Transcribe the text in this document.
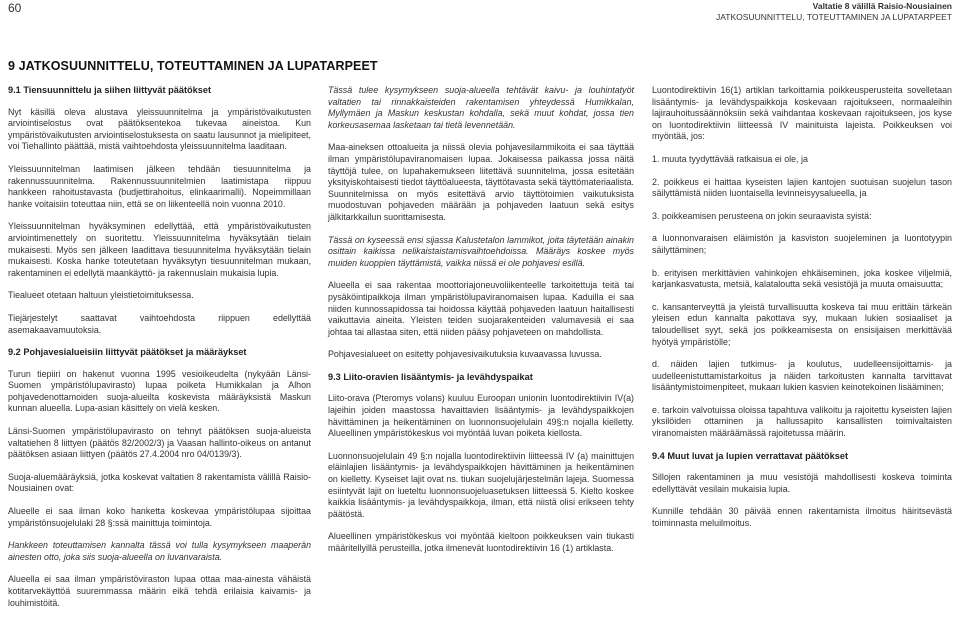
60	Valtatie 8 välillä Raisio-Nousiainen
JATKOSUUNNITTELU, TOTEUTTAMINEN JA LUPATARPEET
9 JATKOSUUNNITTELU, TOTEUTTAMINEN JA LUPATARPEET
9.1 Tiensuunnittelu ja siihen liittyvät päätökset

Nyt käsillä oleva alustava yleissuunnitelma ja ympäristövaikutusten arviointiselostus ovat päätöksentekoa tukevaa aineistoa. Kun ympäristövaikutusten arviointiselostuksesta on saatu lausunnot ja mielipiteet, voi Tiehallinto päättää, mistä vaihtoehdosta yleissuunnitelma laaditaan.

Yleissuunnitelman laatimisen jälkeen tehdään tiesuunnitelma ja rakennussuunnitelma. Rakennussuunnitelmien laatimistapa riippuu hankkeen rahoitustavasta (budjettirahoitus, elinkaarimalli). Nopeimmillaan hanke voitaisiin toteuttaa niin, että se on liikenteellä noin vuonna 2010.

Yleissuunnitelman hyväksyminen edellyttää, että ympäristövaikutusten arviointimenettely on suoritettu. Yleissuunnitelma hyväksytään tielain mukaisesti. Myös sen jälkeen laadittava tiesuunnitelma hyväksytään tielain mukaisesti. Koska hanke toteutetaan hyväksytyn tiesuunnitelman mukaan, rakentaminen ei edellytä maankäyttö- ja rakennuslain mukaisia lupia.

Tiealueet otetaan haltuun yleistietoimituksessa.

Tiejärjestelyt saattavat vaihtoehdosta riippuen edellyttää asemakaavamuutoksia.

9.2 Pohjavesialueisiin liittyvät päätökset ja määräykset

Turun tiepiiri on hakenut vuonna 1995 vesioikeudelta (nykyään Länsi-Suomen ympäristölupavirasto) lupaa poiketa Humikkalan ja Alhon pohjavedenottamoiden suoja-alueilta koskevista määräyksistä Maskun kunnan alueella. Lupa-asian käsittely on vielä kesken.

Länsi-Suomen ympäristölupavirasto on tehnyt päätöksen suoja-alueista valtatiehen 8 liittyen (päätös 82/2002/3) ja Vaasan hallinto-oikeus on antanut päätöksen asiaan liittyen (päätös 27.4.2004 nro 04/0139/3).

Suoja-aluemääräyksiä, jotka koskevat valtatien 8 rakentamista välillä Raisio-Nousiainen ovat:

Alueelle ei saa ilman koko hanketta koskevaa ympäristölupaa sijoittaa ympäristönsuojelulaki 28 §:ssä mainittuja toimintoja.

Hankkeen toteuttamisen kannalta tässä voi tulla kysymykseen maaperän ainesten otto, joka siis suoja-alueella on luvanvaraista.

Alueella ei saa ilman ympäristöviraston lupaa ottaa maa-ainesta vähäistä kotitarvekäyttöä suuremmassa määrin eikä tehdä erilaisia kaivamis- ja louhimistöitä.

Tässä tulee kysymykseen suoja-alueella tehtävät kaivu- ja louhintatyöt valtatien tai rinnakkaisteiden rakentamisen yhteydessä Humikkalan, Myllymäen ja Maskun keskustan kohdalla, sekä muut kohdat, jossa tien korkeusasemaa lasketaan tai tietä levennetään.

Maa-aineksen ottoalueita ja niissä olevia pohjavesilammikoita ei saa täyttää ilman ympäristölupaviranomaisen lupaa. Jokaisessa paikassa jossa näitä täyttöjä tulee, on lupahakemukseen liitettävä suunnitelma, jossa esitetään yksityiskohtaisesti tiedot täyttöalueesta, täyttötavasta sekä täyttömateriaalista. Suunnitelmissa on myös esitettävä arvio täyttötoimien vaikutuksista muodostuvan pohjaveden määrään ja pohjaveden laatuun sekä esitys jälkitarkkailun suorittamisesta.

Tässä on kyseessä ensi sijassa Kalustetalon lammikot, joita täytetään ainakin osittain kaikissa nelikaistaistamisvaihtoehdoissa. Määräys koskee myös muiden kuoppien täyttämistä, vaikka niissä ei ole pohjavesi esillä.

Alueella ei saa rakentaa moottoriajoneuvoliikenteelle tarkoitettuja teitä tai pysäköintipaikkoja ilman ympäristölupaviranomaisen lupaa. Kaduilla ei saa niiden kunnossapidossa tai hoidossa käyttää pohjaveden laatuun haitallisesti vaikuttavia aineita. Yleisten teiden suojarakenteiden valumavesiä ei saa johtaa tai allastaa siten, että niiden pääsy pohjaveteen on mahdollista.

Pohjavesialueet on esitetty pohjavesivaikutuksia kuvaavassa luvussa.

9.3 Liito-oravien lisääntymis- ja levähdyspaikat

Liito-orava (Pteromys volans) kuuluu Euroopan unionin luontodirektiivin IV(a) lajeihin joiden maastossa havaittavien lisääntymis- ja levähdyspaikkojen hävittäminen ja heikentäminen on luonnonsuojelulain 49§:n nojalla kielletty. Alueellinen ympäristökeskus voi myöntää luvan poiketa kiellosta.

Luonnonsuojelulain 49 §:n nojalla luontodirektiivin liitteessä IV (a) mainittujen eläinlajien lisääntymis- ja levähdyspaikkojen hävittäminen ja heikentäminen on kielletty. Kyseiset lajit ovat ns. tiukan suojelujärjestelmän lajeja. Suomessa esiintyvät lajit on lueteltu luonnonsuojeluasetuksen liitteessä 5. Kielto koskee kaikkia lisääntymis- ja levähdyspaikkoja, ilman, että niistä olisi erikseen tehty päätöstä.

Alueellinen ympäristökeskus voi myöntää kieltoon poikkeuksen vain tiukasti määritellyillä perusteilla, jotka ilmenevät luontodirektiivin 16 (1) artiklasta.

Luontodirektiivin 16(1) artiklan tarkoittamia poikkeusperusteita sovelletaan lisääntymis- ja levähdyspaikkoja koskevaan rajoitukseen, normaaleihin lajirauhoitussäännöksiin sekä vaihdantaa koskevaan rajoitukseen, jos kyse on luontodirektiivin liitteessä IV mainituista lajeista. Poikkeuksen voi myöntää, jos:

1. muuta tyydyttävää ratkaisua ei ole, ja

2. poikkeus ei haittaa kyseisten lajien kantojen suotuisan suojelun tason säilyttämistä niiden luontaisella levinneisyysalueella, ja

3. poikkeamisen perusteena on jokin seuraavista syistä:

a luonnonvaraisen eläimistön ja kasviston suojeleminen ja luontotyypin säilyttäminen;

b. erityisen merkittävien vahinkojen ehkäiseminen, joka koskee viljelmiä, karjankasvatusta, metsiä, kalataloutta sekä vesistöjä ja muuta omaisuutta;

c. kansanterveyttä ja yleistä turvallisuutta koskeva tai muu erittäin tärkeän yleisen edun kannalta pakottava syy, mukaan lukien sosiaaliset ja taloudelliset syyt, sekä jos poikkeamisesta on ensisijaisen merkittävää hyötyä ympäristölle;

d. näiden lajien tutkimus- ja koulutus, uudelleensijoittamis- ja uudelleenistuttamistarkoitus ja näiden tarkoitusten kannalta tarvittavat lisääntymistoimenpiteet, mukaan lukien kasvien keinotekoinen lisääminen;

e. tarkoin valvotuissa oloissa tapahtuva valikoitu ja rajoitettu kyseisten lajien yksilöiden ottaminen ja hallussapito kansallisten toimivaltaisten viranomaisten määräämässä rajoitetussa määrin.

9.4 Muut luvat ja lupien verrattavat päätökset

Sillojen rakentaminen ja muu vesistöjä mahdollisesti koskeva toiminta edellyttävät vesilain mukaisia lupia.

Kunnille tehdään 30 päivää ennen rakentamista ilmoitus häiritsevästä toiminnasta meluilmoitus.
